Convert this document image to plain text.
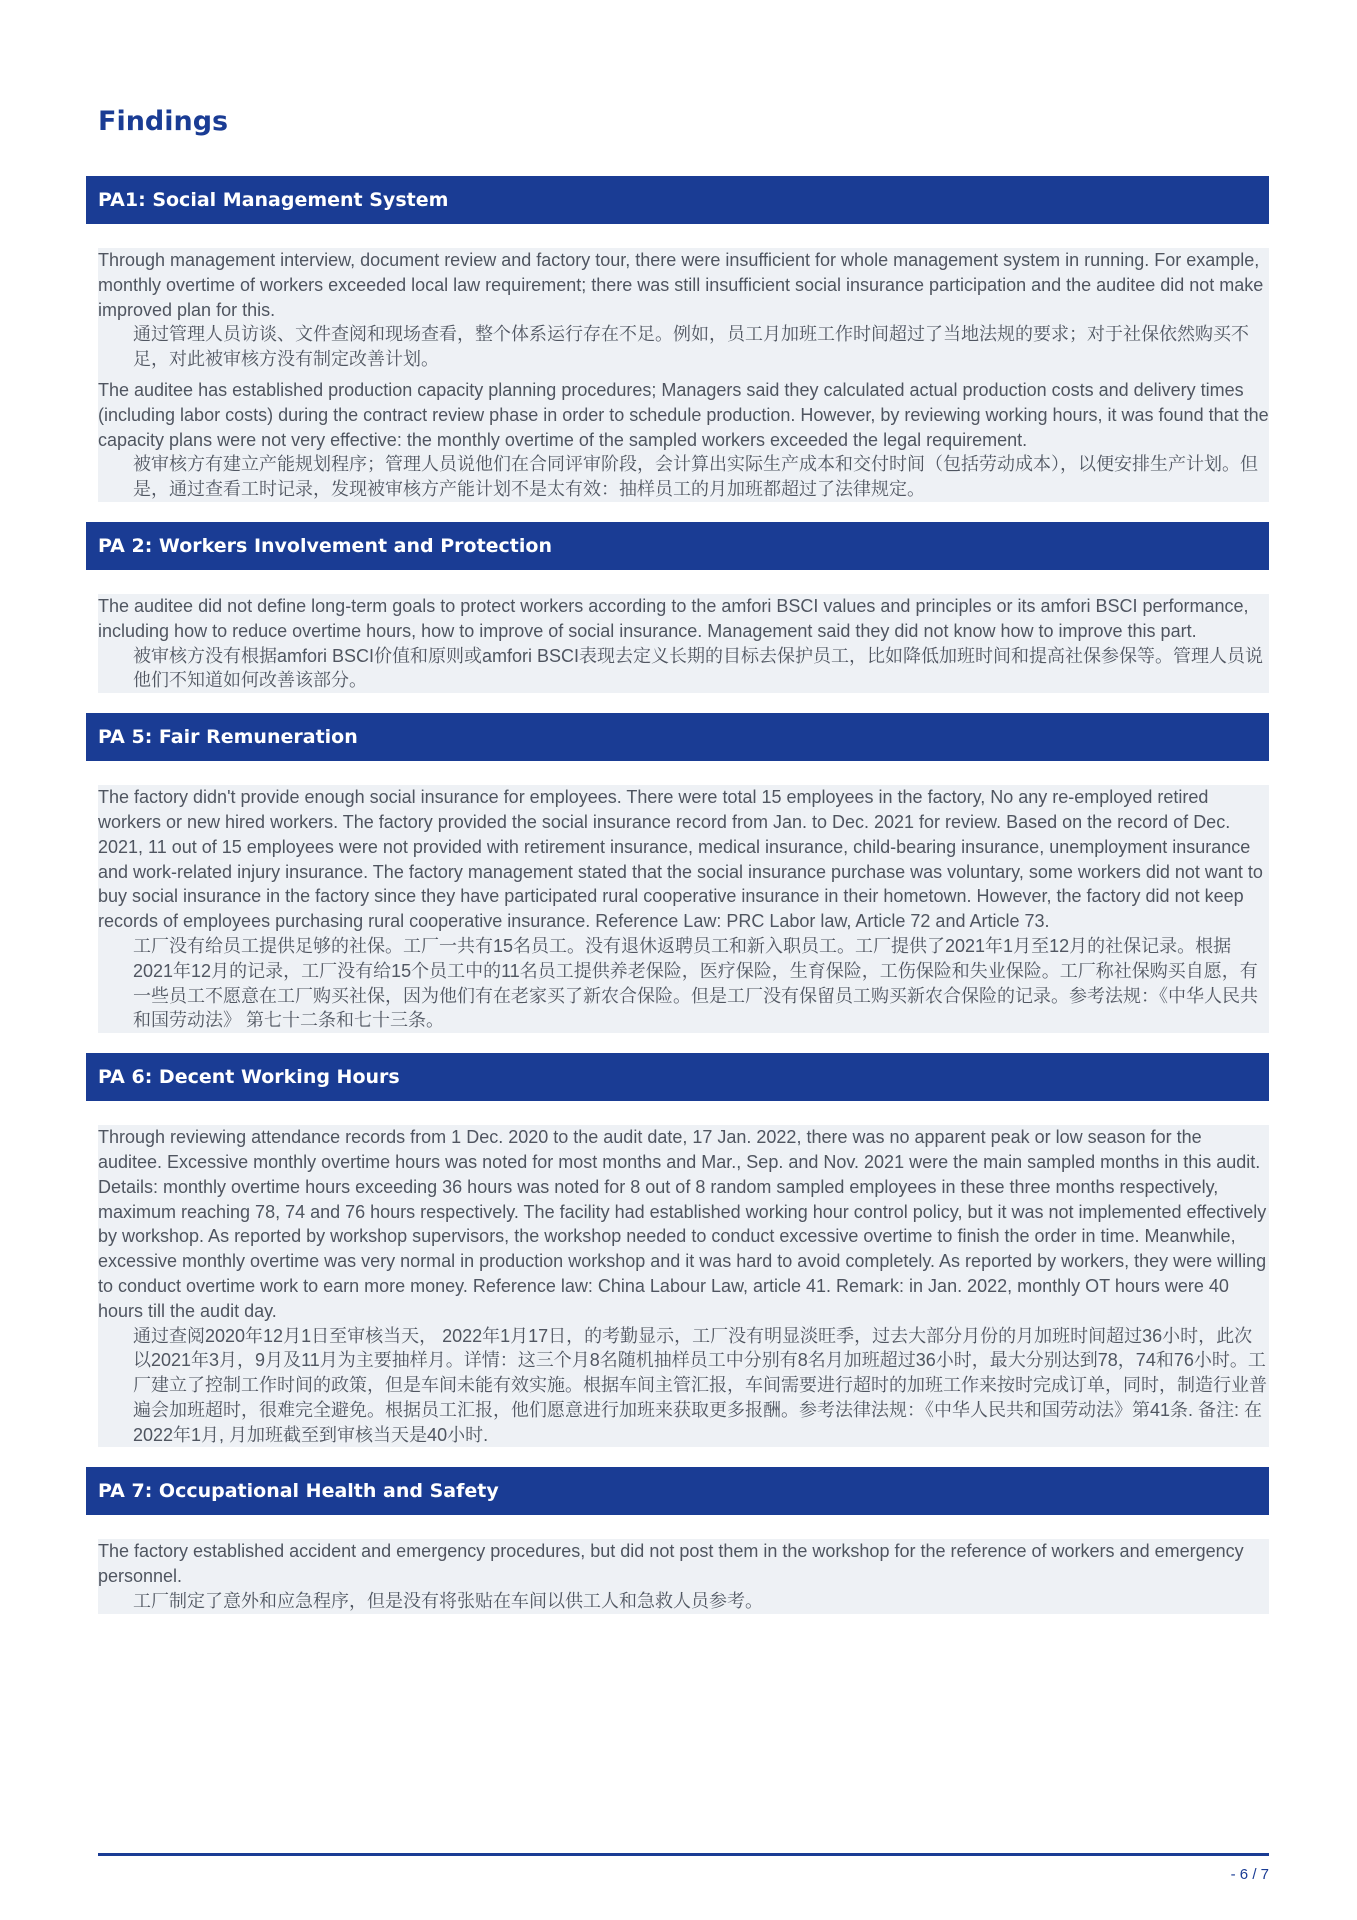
Findings
PA1: Social Management System

Through management interview, document review and factory tour, there were insufficient for whole management system in running. For example, monthly overtime of workers exceeded local law requirement; there was still insufficient social insurance participation and the auditee did not make improved plan for this.

通过管理人员访谈、文件查阅和现场查看，整个体系运行存在不足。例如，员工月加班工作时间超过了当地法规的要求；对于社保依然购买不足，对此被审核方没有制定改善计划。

The auditee has established production capacity planning procedures; Managers said they calculated actual production costs and delivery times (including labor costs) during the contract review phase in order to schedule production. However, by reviewing working hours, it was found that the capacity plans were not very effective: the monthly overtime of the sampled workers exceeded the legal requirement.

被审核方有建立产能规划程序；管理人员说他们在合同评审阶段，会计算出实际生产成本和交付时间（包括劳动成本），以便安排生产计划。但是，通过查看工时记录，发现被审核方产能计划不是太有效：抽样员工的月加班都超过了法律规定。

PA 2: Workers Involvement and Protection

The auditee did not define long-term goals to protect workers according to the amfori BSCI values and principles or its amfori BSCI performance, including how to reduce overtime hours, how to improve of social insurance. Management said they did not know how to improve this part.

被审核方没有根据amfori BSCI价值和原则或amfori BSCI表现去定义长期的目标去保护员工，比如降低加班时间和提高社保参保等。管理人员说他们不知道如何改善该部分。

PA 5: Fair Remuneration

The factory didn't provide enough social insurance for employees. There were total 15 employees in the factory, No any re-employed retired workers or new hired workers. The factory provided the social insurance record from Jan. to Dec. 2021 for review. Based on the record of Dec. 2021, 11 out of 15 employees were not provided with retirement insurance, medical insurance, child-bearing insurance, unemployment insurance and work-related injury insurance. The factory management stated that the social insurance purchase was voluntary, some workers did not want to buy social insurance in the factory since they have participated rural cooperative insurance in their hometown. However, the factory did not keep records of employees purchasing rural cooperative insurance. Reference Law: PRC Labor law, Article 72 and Article 73.

工厂没有给员工提供足够的社保。工厂一共有15名员工。没有退休返聘员工和新入职员工。工厂提供了2021年1月至12月的社保记录。根据2021年12月的记录，工厂没有给15个员工中的11名员工提供养老保险，医疗保险，生育保险，工伤保险和失业保险。工厂称社保购买自愿，有一些员工不愿意在工厂购买社保，因为他们有在老家买了新农合保险。但是工厂没有保留员工购买新农合保险的记录。参考法规：《中华人民共和国劳动法》 第七十二条和七十三条。

PA 6: Decent Working Hours

Through reviewing attendance records from 1 Dec. 2020 to the audit date, 17 Jan. 2022, there was no apparent peak or low season for the auditee. Excessive monthly overtime hours was noted for most months and Mar., Sep. and Nov. 2021 were the main sampled months in this audit. Details: monthly overtime hours exceeding 36 hours was noted for 8 out of 8 random sampled employees in these three months respectively, maximum reaching 78, 74 and 76 hours respectively. The facility had established working hour control policy, but it was not implemented effectively by workshop. As reported by workshop supervisors, the workshop needed to conduct excessive overtime to finish the order in time. Meanwhile, excessive monthly overtime was very normal in production workshop and it was hard to avoid completely. As reported by workers, they were willing to conduct overtime work to earn more money. Reference law: China Labour Law, article 41. Remark: in Jan. 2022, monthly OT hours were 40 hours till the audit day.

通过查阅2020年12月1日至审核当天， 2022年1月17日，的考勤显示，工厂没有明显淡旺季，过去大部分月份的月加班时间超过36小时，此次以2021年3月，9月及11月为主要抽样月。详情：这三个月8名随机抽样员工中分别有8名月加班超过36小时，最大分别达到78，74和76小时。工厂建立了控制工作时间的政策，但是车间未能有效实施。根据车间主管汇报，车间需要进行超时的加班工作来按时完成订单，同时，制造行业普遍会加班超时，很难完全避免。根据员工汇报，他们愿意进行加班来获取更多报酬。参考法律法规：《中华人民共和国劳动法》第41条. 备注: 在2022年1月, 月加班截至到审核当天是40小时.

PA 7: Occupational Health and Safety

The factory established accident and emergency procedures, but did not post them in the workshop for the reference of workers and emergency personnel.

工厂制定了意外和应急程序，但是没有将张贴在车间以供工人和急救人员参考。

- 6 / 7
